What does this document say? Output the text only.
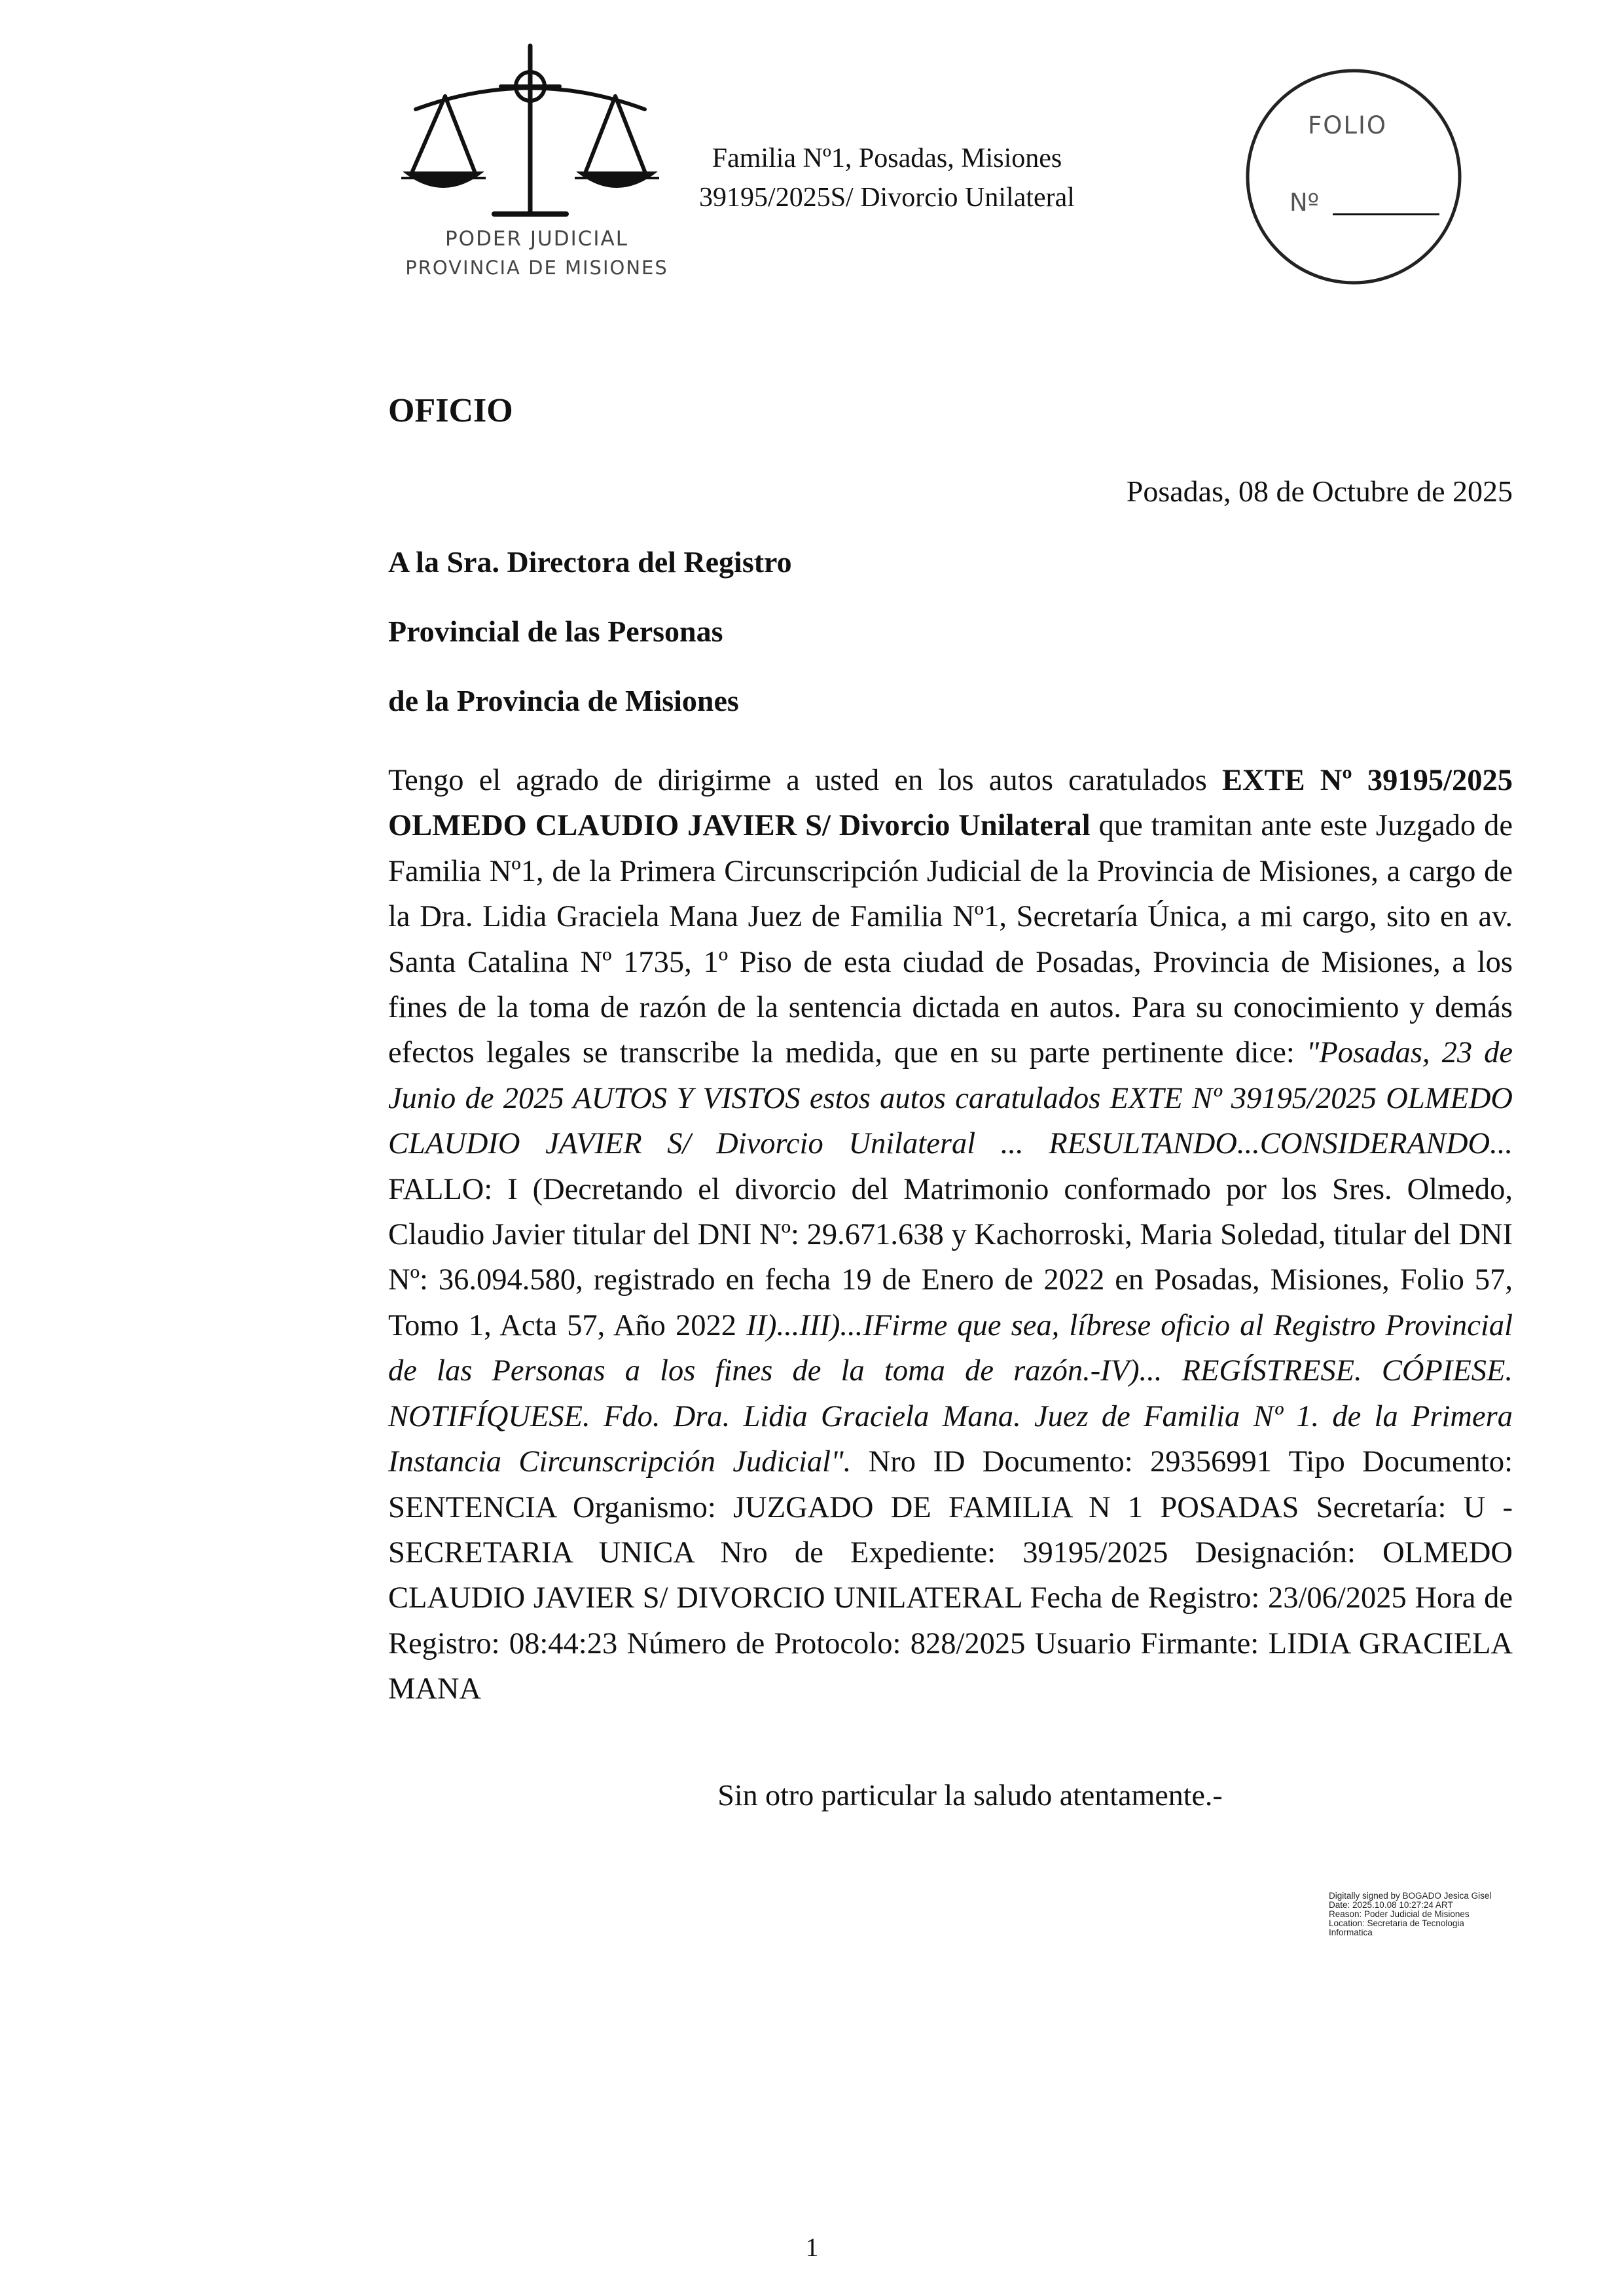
PODER JUDICIAL
PROVINCIA DE MISIONES
Familia Nº1, Posadas, Misiones
39195/2025S/ Divorcio Unilateral
FOLIO
Nº
OFICIO
Posadas, 08 de Octubre de 2025
A la Sra. Directora del Registro
Provincial de las Personas
de la Provincia de Misiones

Tengo el agrado de dirigirme a usted en los autos caratulados EXTE Nº 39195/2025 OLMEDO CLAUDIO JAVIER S/ Divorcio Unilateral que tramitan ante este Juzgado de Familia Nº1, de la Primera Circunscripción Judicial de la Provincia de Misiones, a cargo de la Dra. Lidia Graciela Mana Juez de Familia Nº1, Secretaría Única, a mi cargo, sito en av. Santa Catalina Nº 1735, 1º Piso de esta ciudad de Posadas, Provincia de Misiones, a los fines de la toma de razón de la sentencia dictada en autos. Para su conocimiento y demás efectos legales se transcribe la medida, que en su parte pertinente dice: "Posadas, 23 de Junio de 2025 AUTOS Y VISTOS estos autos caratulados EXTE Nº 39195/2025 OLMEDO CLAUDIO JAVIER S/ Divorcio Unilateral ... RESULTANDO...CONSIDERANDO... FALLO: I (Decretando el divorcio del Matrimonio conformado por los Sres. Olmedo, Claudio Javier titular del DNI Nº: 29.671.638 y Kachorroski, Maria Soledad, titular del DNI Nº: 36.094.580, registrado en fecha 19 de Enero de 2022 en Posadas, Misiones, Folio 57, Tomo 1, Acta 57, Año 2022 II)...III)...IFirme que sea, líbrese oficio al Registro Provincial de las Personas a los fines de la toma de razón.-IV)... REGÍSTRESE. CÓPIESE. NOTIFÍQUESE. Fdo. Dra. Lidia Graciela Mana. Juez de Familia Nº 1. de la Primera Instancia Circunscripción Judicial". Nro ID Documento: 29356991 Tipo Documento: SENTENCIA Organismo: JUZGADO DE FAMILIA N 1 POSADAS Secretaría: U - SECRETARIA UNICA Nro de Expediente: 39195/2025 Designación: OLMEDO CLAUDIO JAVIER S/ DIVORCIO UNILATERAL Fecha de Registro: 23/06/2025 Hora de Registro: 08:44:23 Número de Protocolo: 828/2025 Usuario Firmante: LIDIA GRACIELA MANA

Sin otro particular la saludo atentamente.-
Digitally signed by BOGADO Jesica Gisel
Date: 2025.10.08 10:27:24 ART
Reason: Poder Judicial de Misiones
Location: Secretaria de Tecnologia
Informatica
1
